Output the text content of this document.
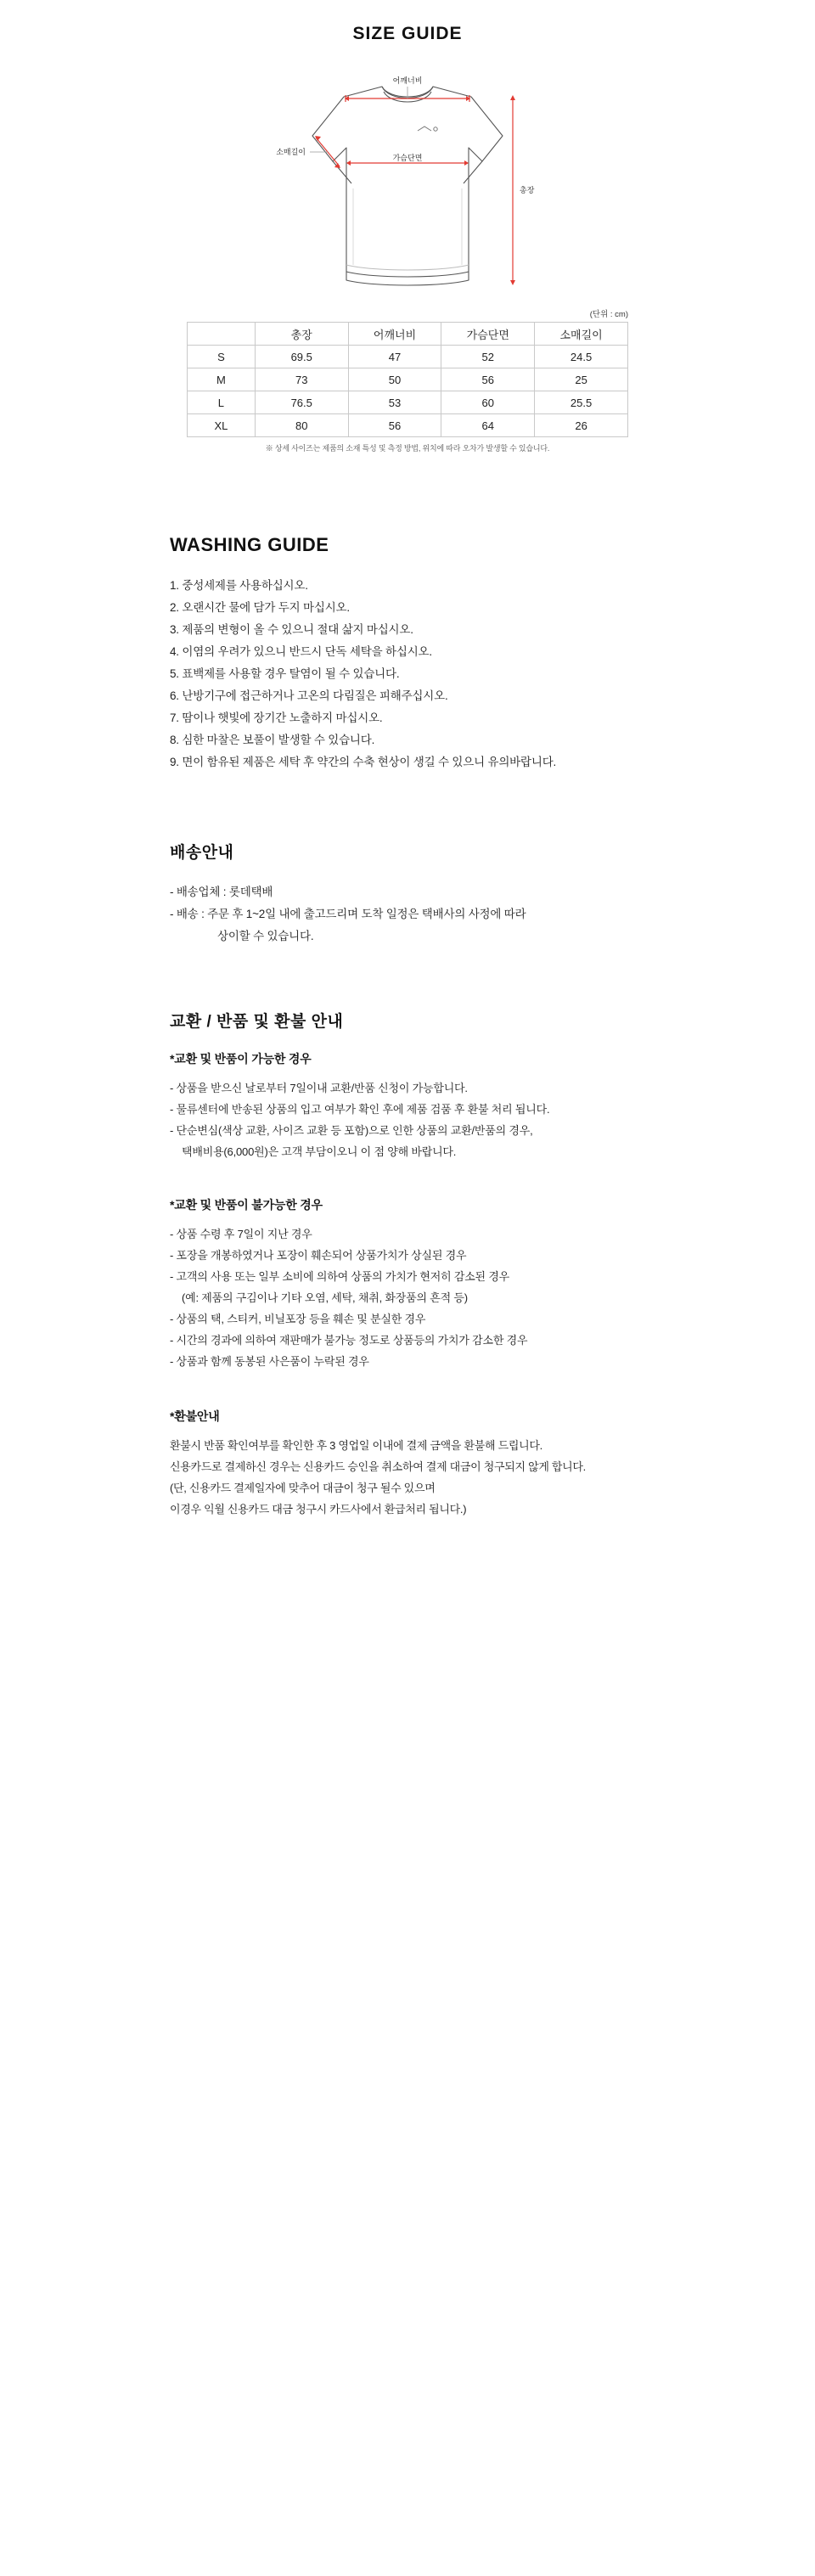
SIZE GUIDE
어깨너비
소매길이
가슴단면
총장
(단위 : cm)
	총장	어깨너비	가슴단면	소매길이
S	69.5	47	52	24.5
M	73	50	56	25
L	76.5	53	60	25.5
XL	80	56	64	26
※ 상세 사이즈는 제품의 소재 특성 및 측정 방법, 위치에 따라 오차가 발생할 수 있습니다.
WASHING GUIDE
1. 중성세제를 사용하십시오.
2. 오랜시간 물에 담가 두지 마십시오.
3. 제품의 변형이 올 수 있으니 절대 삶지 마십시오.
4. 이염의 우려가 있으니 반드시 단독 세탁을 하십시오.
5. 표백제를 사용할 경우 탈염이 될 수 있습니다.
6. 난방기구에 접근하거나 고온의 다림질은 피해주십시오.
7. 땀이나 햇빛에 장기간 노출하지 마십시오.
8. 심한 마찰은 보풀이 발생할 수 있습니다.
9. 면이 함유된 제품은 세탁 후 약간의 수축 현상이 생길 수 있으니 유의바랍니다.
배송안내
- 배송업체 : 롯데택배
- 배송 : 주문 후 1~2일 내에 출고드리며 도착 일정은 택배사의 사정에 따라
상이할 수 있습니다.
교환 / 반품 및 환불 안내
*교환 및 반품이 가능한 경우
- 상품을 받으신 날로부터 7일이내 교환/반품 신청이 가능합니다.
- 물류센터에 반송된 상품의 입고 여부가 확인 후에 제품 검품 후 환불 처리 됩니다.
- 단순변심(색상 교환, 사이즈 교환 등 포함)으로 인한 상품의 교환/반품의 경우,
택배비용(6,000원)은 고객 부담이오니 이 점 양해 바랍니다.
*교환 및 반품이 불가능한 경우
- 상품 수령 후 7일이 지난 경우
- 포장을 개봉하였거나 포장이 훼손되어 상품가치가 상실된 경우
- 고객의 사용 또는 일부 소비에 의하여 상품의 가치가 현저히 감소된 경우
(예: 제품의 구김이나 기타 오염, 세탁, 채취, 화장품의 흔적 등)
- 상품의 택, 스티커, 비닐포장 등을 훼손 및 분실한 경우
- 시간의 경과에 의하여 재판매가 불가능 정도로 상품등의 가치가 감소한 경우
- 상품과 함께 동봉된 사은품이 누락된 경우
*환불안내

환불시 반품 확인여부를 확인한 후 3 영업일 이내에 결제 금액을 환불해 드립니다.

신용카드로 결제하신 경우는 신용카드 승인을 취소하여 결제 대금이 청구되지 않게 합니다.

(단, 신용카드 결제일자에 맞추어 대금이 청구 될수 있으며

이경우 익월 신용카드 대금 청구시 카드사에서 환급처리 됩니다.)
